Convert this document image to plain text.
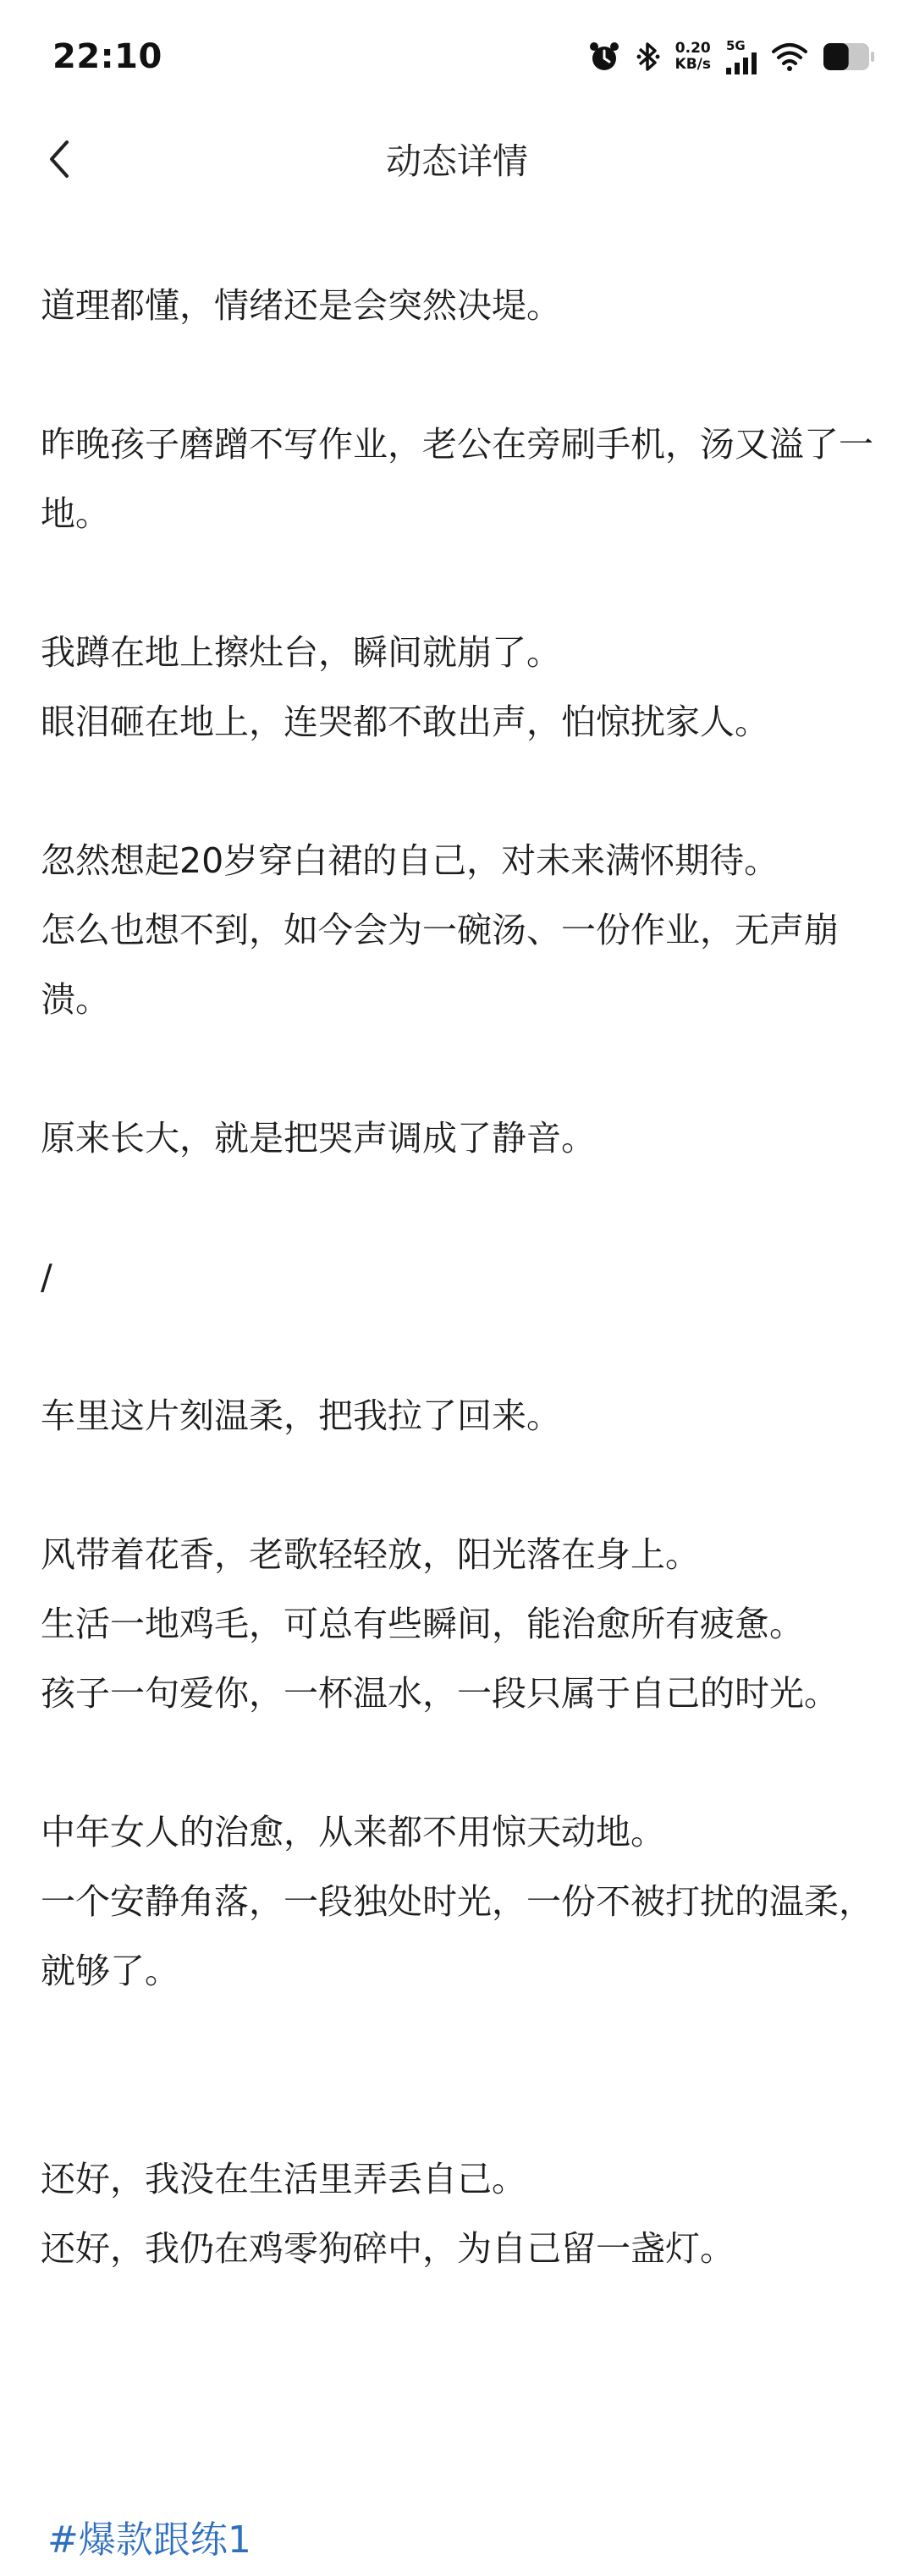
22:10	0.20
KB/s
5G
动态详情

道理都懂，情绪还是会突然决堤。

昨晚孩子磨蹭不写作业，老公在旁刷手机，汤又溢了一地。

我蹲在地上擦灶台，瞬间就崩了。

眼泪砸在地上，连哭都不敢出声，怕惊扰家人。

忽然想起20岁穿白裙的自己，对未来满怀期待。

怎么也想不到，如今会为一碗汤、一份作业，无声崩溃。

原来长大，就是把哭声调成了静音。

/

车里这片刻温柔，把我拉了回来。

风带着花香，老歌轻轻放，阳光落在身上。

生活一地鸡毛，可总有些瞬间，能治愈所有疲惫。

孩子一句爱你，一杯温水，一段只属于自己的时光。

中年女人的治愈，从来都不用惊天动地。

一个安静角落，一段独处时光，一份不被打扰的温柔，就够了。

还好，我没在生活里弄丢自己。

还好，我仍在鸡零狗碎中，为自己留一盏灯。

#爆款跟练1
